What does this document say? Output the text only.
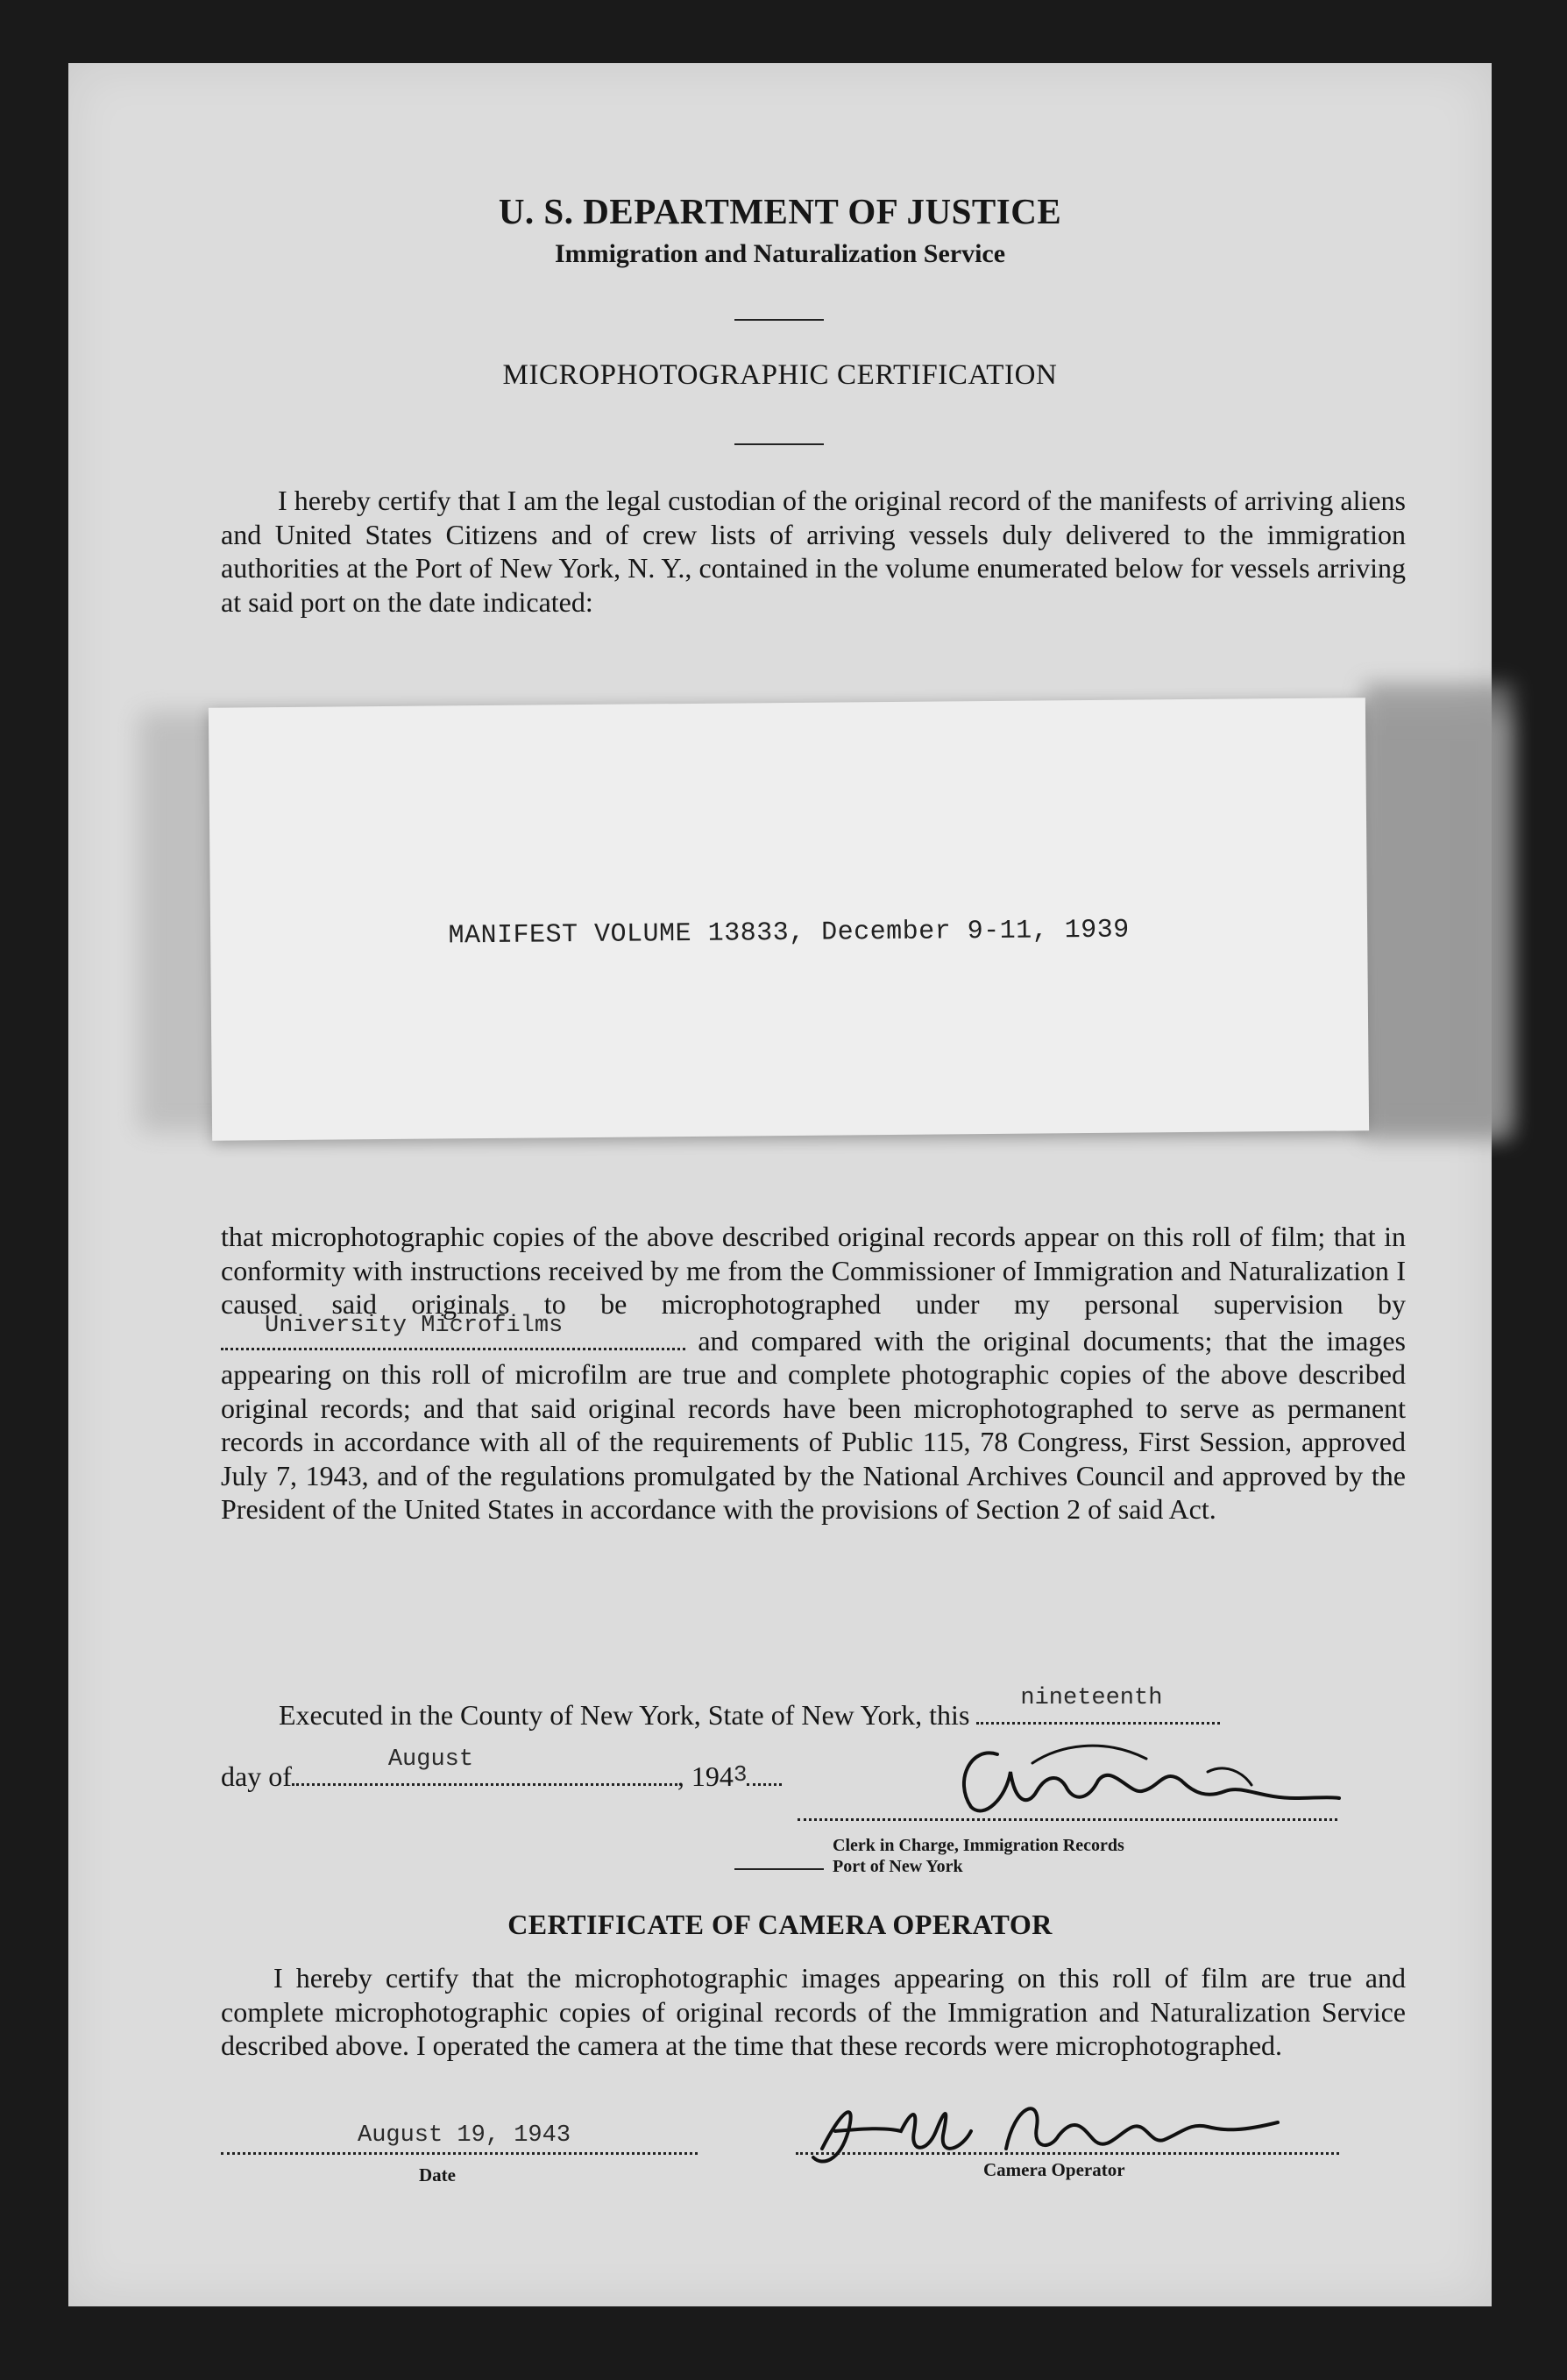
U. S. DEPARTMENT OF JUSTICE
Immigration and Naturalization Service
MICROPHOTOGRAPHIC CERTIFICATION
I hereby certify that I am the legal custodian of the original record of the manifests of arriving aliens and United States Citizens and of crew lists of arriving vessels duly delivered to the immigration authorities at the Port of New York, N. Y., contained in the volume enumerated below for vessels arriving at said port on the date indicated:
MANIFEST VOLUME 13833, December 9-11, 1939
that microphotographic copies of the above described original records appear on this roll of film; that in conformity with instructions received by me from the Commissioner of Immigration and Naturalization I caused said originals to be microphotographed under my personal supervision by
University Microfilms	and compared with the original documents; that the images appearing on this roll of microfilm are true and complete photographic copies of the above described original records; and that said original records have been microphotographed to serve as permanent records in accordance with all of the requirements of Public 115, 78 Congress, First Session, approved July 7, 1943, and of the regulations promulgated by the National Archives Council and approved by the President of the United States in accordance with the provisions of Section 2 of said Act.
Executed in the County of New York, State of New York, this
nineteenth
day of
August
, 1943
Clerk in Charge, Immigration Records
Port of New York
CERTIFICATE OF CAMERA OPERATOR
I hereby certify that the microphotographic images appearing on this roll of film are true and complete microphotographic copies of original records of the Immigration and Naturalization Service described above. I operated the camera at the time that these records were microphotographed.
August 19, 1943
Date	Camera Operator
